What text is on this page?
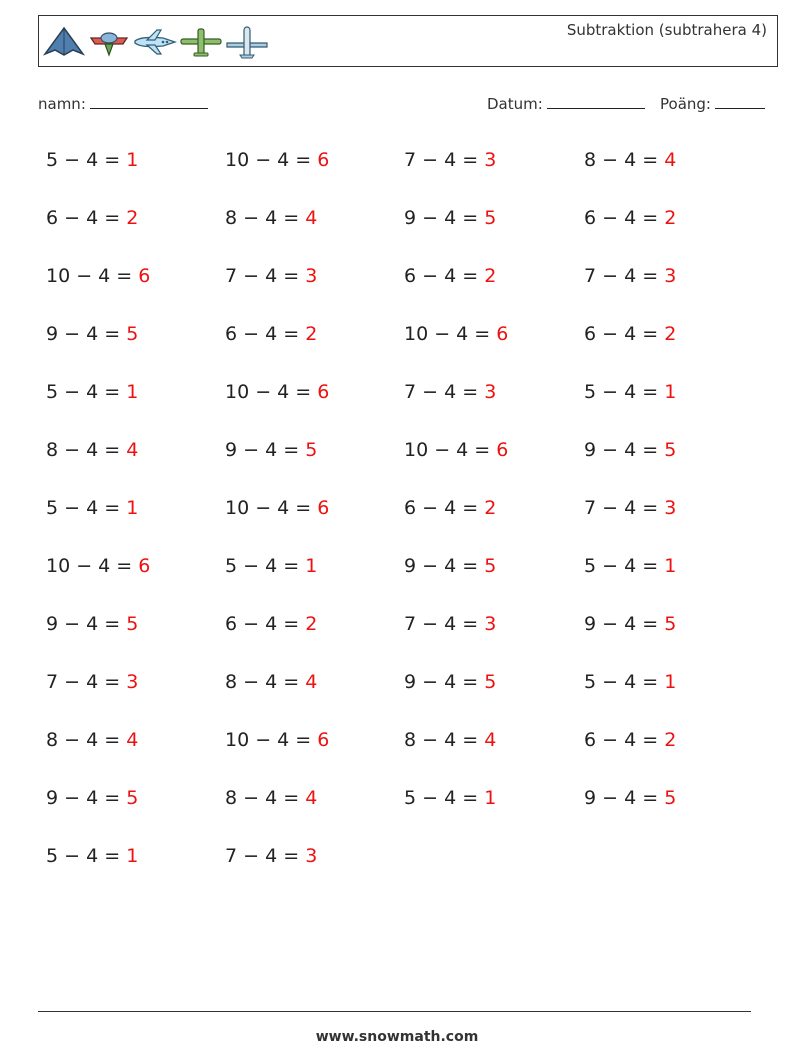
Subtraktion (subtrahera 4)
namn:	Datum:	Poäng:
5 − 4 = 1	10 − 4 = 6	7 − 4 = 3	8 − 4 = 4
6 − 4 = 2	8 − 4 = 4	9 − 4 = 5	6 − 4 = 2
10 − 4 = 6	7 − 4 = 3	6 − 4 = 2	7 − 4 = 3
9 − 4 = 5	6 − 4 = 2	10 − 4 = 6	6 − 4 = 2
5 − 4 = 1	10 − 4 = 6	7 − 4 = 3	5 − 4 = 1
8 − 4 = 4	9 − 4 = 5	10 − 4 = 6	9 − 4 = 5
5 − 4 = 1	10 − 4 = 6	6 − 4 = 2	7 − 4 = 3
10 − 4 = 6	5 − 4 = 1	9 − 4 = 5	5 − 4 = 1
9 − 4 = 5	6 − 4 = 2	7 − 4 = 3	9 − 4 = 5
7 − 4 = 3	8 − 4 = 4	9 − 4 = 5	5 − 4 = 1
8 − 4 = 4	10 − 4 = 6	8 − 4 = 4	6 − 4 = 2
9 − 4 = 5	8 − 4 = 4	5 − 4 = 1	9 − 4 = 5
5 − 4 = 1	7 − 4 = 3
www.snowmath.com
